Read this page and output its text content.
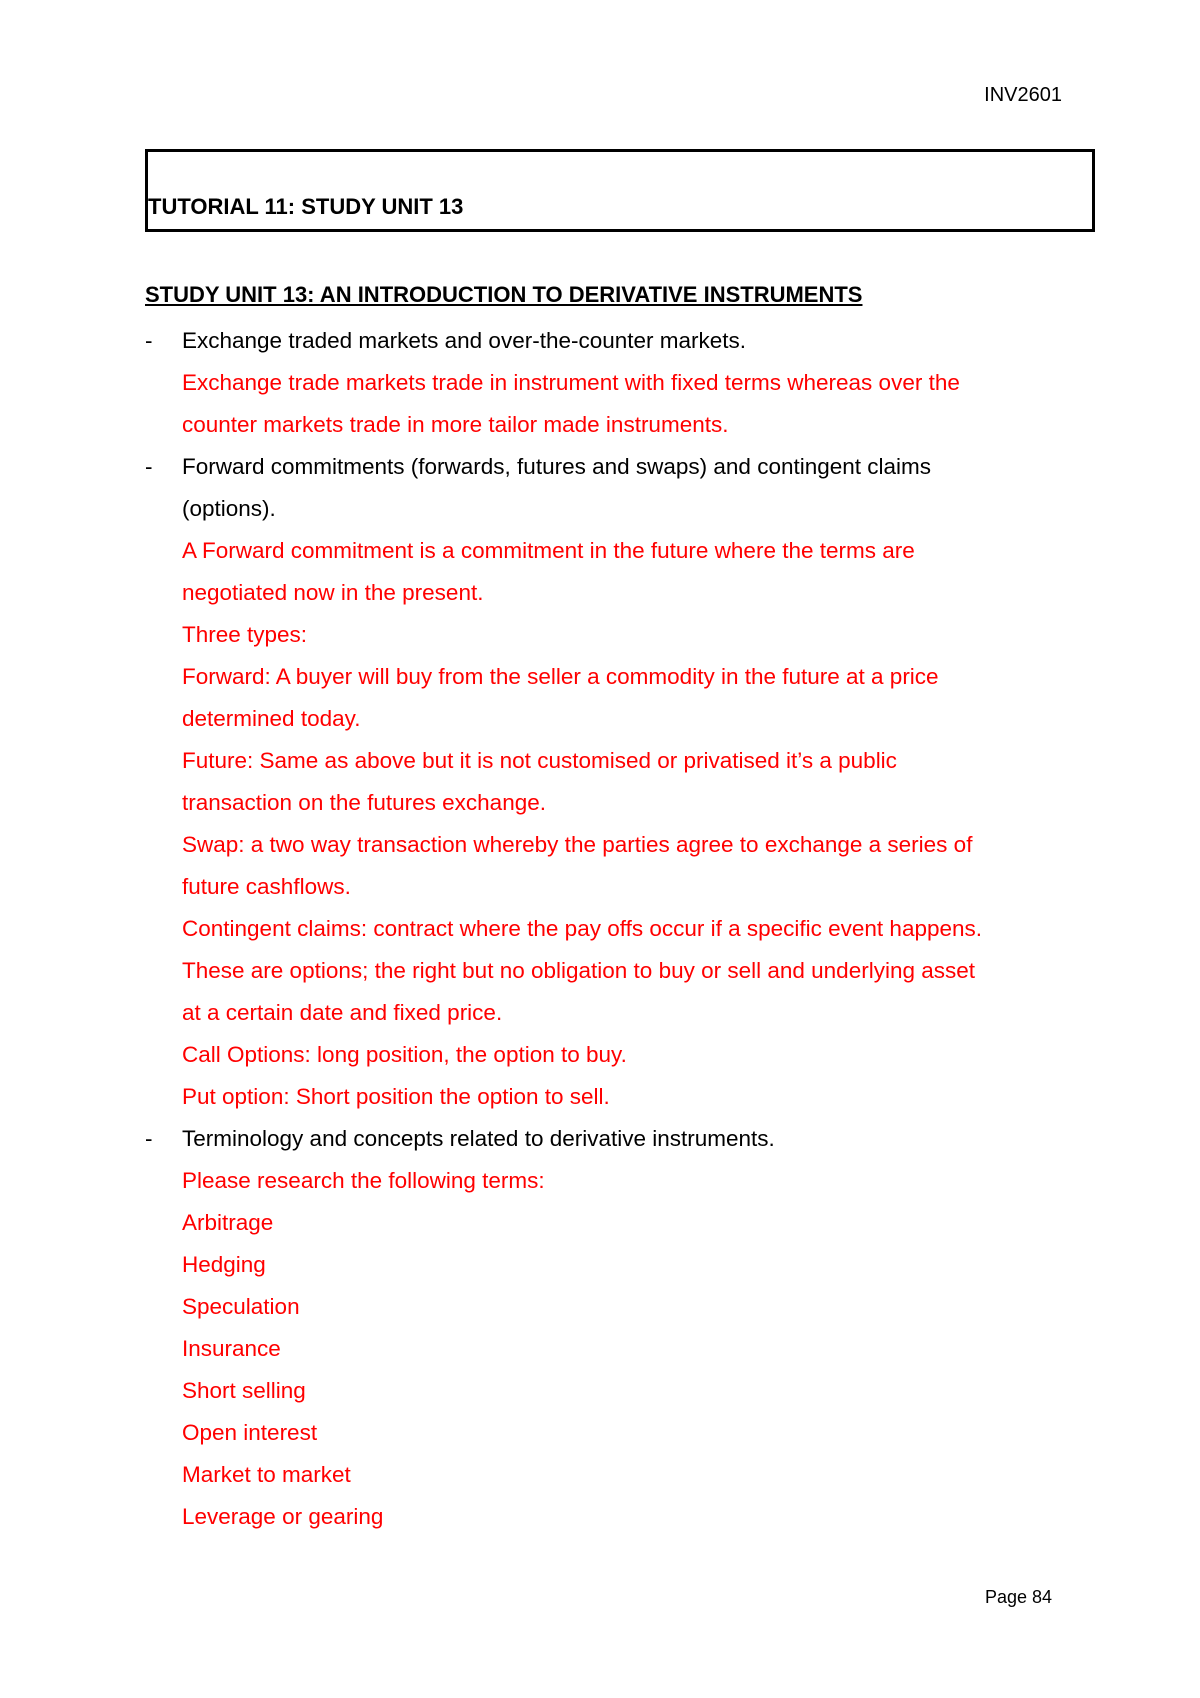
INV2601
TUTORIAL 11: STUDY UNIT 13
STUDY UNIT 13: AN INTRODUCTION TO DERIVATIVE INSTRUMENTS
- Exchange traded markets and over-the-counter markets.
Exchange trade markets trade in instrument with fixed terms whereas over the
counter markets trade in more tailor made instruments.
- Forward commitments (forwards, futures and swaps) and contingent claims
(options).
A Forward commitment is a commitment in the future where the terms are
negotiated now in the present.
Three types:
Forward: A buyer will buy from the seller a commodity in the future at a price
determined today.
Future: Same as above but it is not customised or privatised it’s a public
transaction on the futures exchange.
Swap: a two way transaction whereby the parties agree to exchange a series of
future cashflows.
Contingent claims: contract where the pay offs occur if a specific event happens.
These are options; the right but no obligation to buy or sell and underlying asset
at a certain date and fixed price.
Call Options: long position, the option to buy.
Put option: Short position the option to sell.
- Terminology and concepts related to derivative instruments.
Please research the following terms:
Arbitrage
Hedging
Speculation
Insurance
Short selling
Open interest
Market to market
Leverage or gearing
Page 84
